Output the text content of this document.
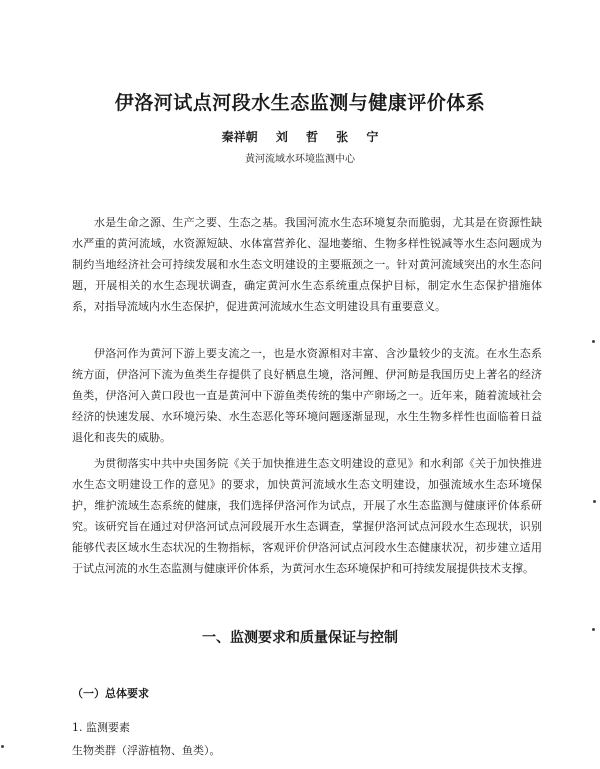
伊洛河试点河段水生态监测与健康评价体系
秦祥朝 刘 哲 张 宁
黄河流域水环境监测中心

水是生命之源、生产之要、生态之基。我国河流水生态环境复杂而脆弱，尤其是在资源性缺水严重的黄河流域，水资源短缺、水体富营养化、湿地萎缩、生物多样性锐减等水生态问题成为制约当地经济社会可持续发展和水生态文明建设的主要瓶颈之一。针对黄河流域突出的水生态问题，开展相关的水生态现状调查，确定黄河水生态系统重点保护目标，制定水生态保护措施体系，对指导流域内水生态保护，促进黄河流域水生态文明建设具有重要意义。

伊洛河作为黄河下游上要支流之一，也是水资源相对丰富、含沙量较少的支流。在水生态系统方面，伊洛河下流为鱼类生存提供了良好栖息生境，洛河鲤、伊河鲂是我国历史上著名的经济鱼类，伊洛河入黄口段也一直是黄河中下游鱼类传统的集中产卵场之一。近年来，随着流域社会经济的快速发展、水环境污染、水生态恶化等环境问题逐渐显现，水生生物多样性也面临着日益退化和丧失的威胁。

为贯彻落实中共中央国务院《关于加快推进生态文明建设的意见》和水利部《关于加快推进水生态文明建设工作的意见》的要求，加快黄河流域水生态文明建设，加强流域水生态环境保护，维护流域生态系统的健康，我们选择伊洛河作为试点，开展了水生态监测与健康评价体系研究。该研究旨在通过对伊洛河试点河段展开水生态调查，掌握伊洛河试点河段水生态现状，识别能够代表区域水生态状况的生物指标，客观评价伊洛河试点河段水生态健康状况，初步建立适用于试点河流的水生态监测与健康评价体系，为黄河水生态环境保护和可持续发展提供技术支撑。

一、监测要求和质量保证与控制
（一）总体要求
1. 监测要素
生物类群（浮游植物、鱼类）。
